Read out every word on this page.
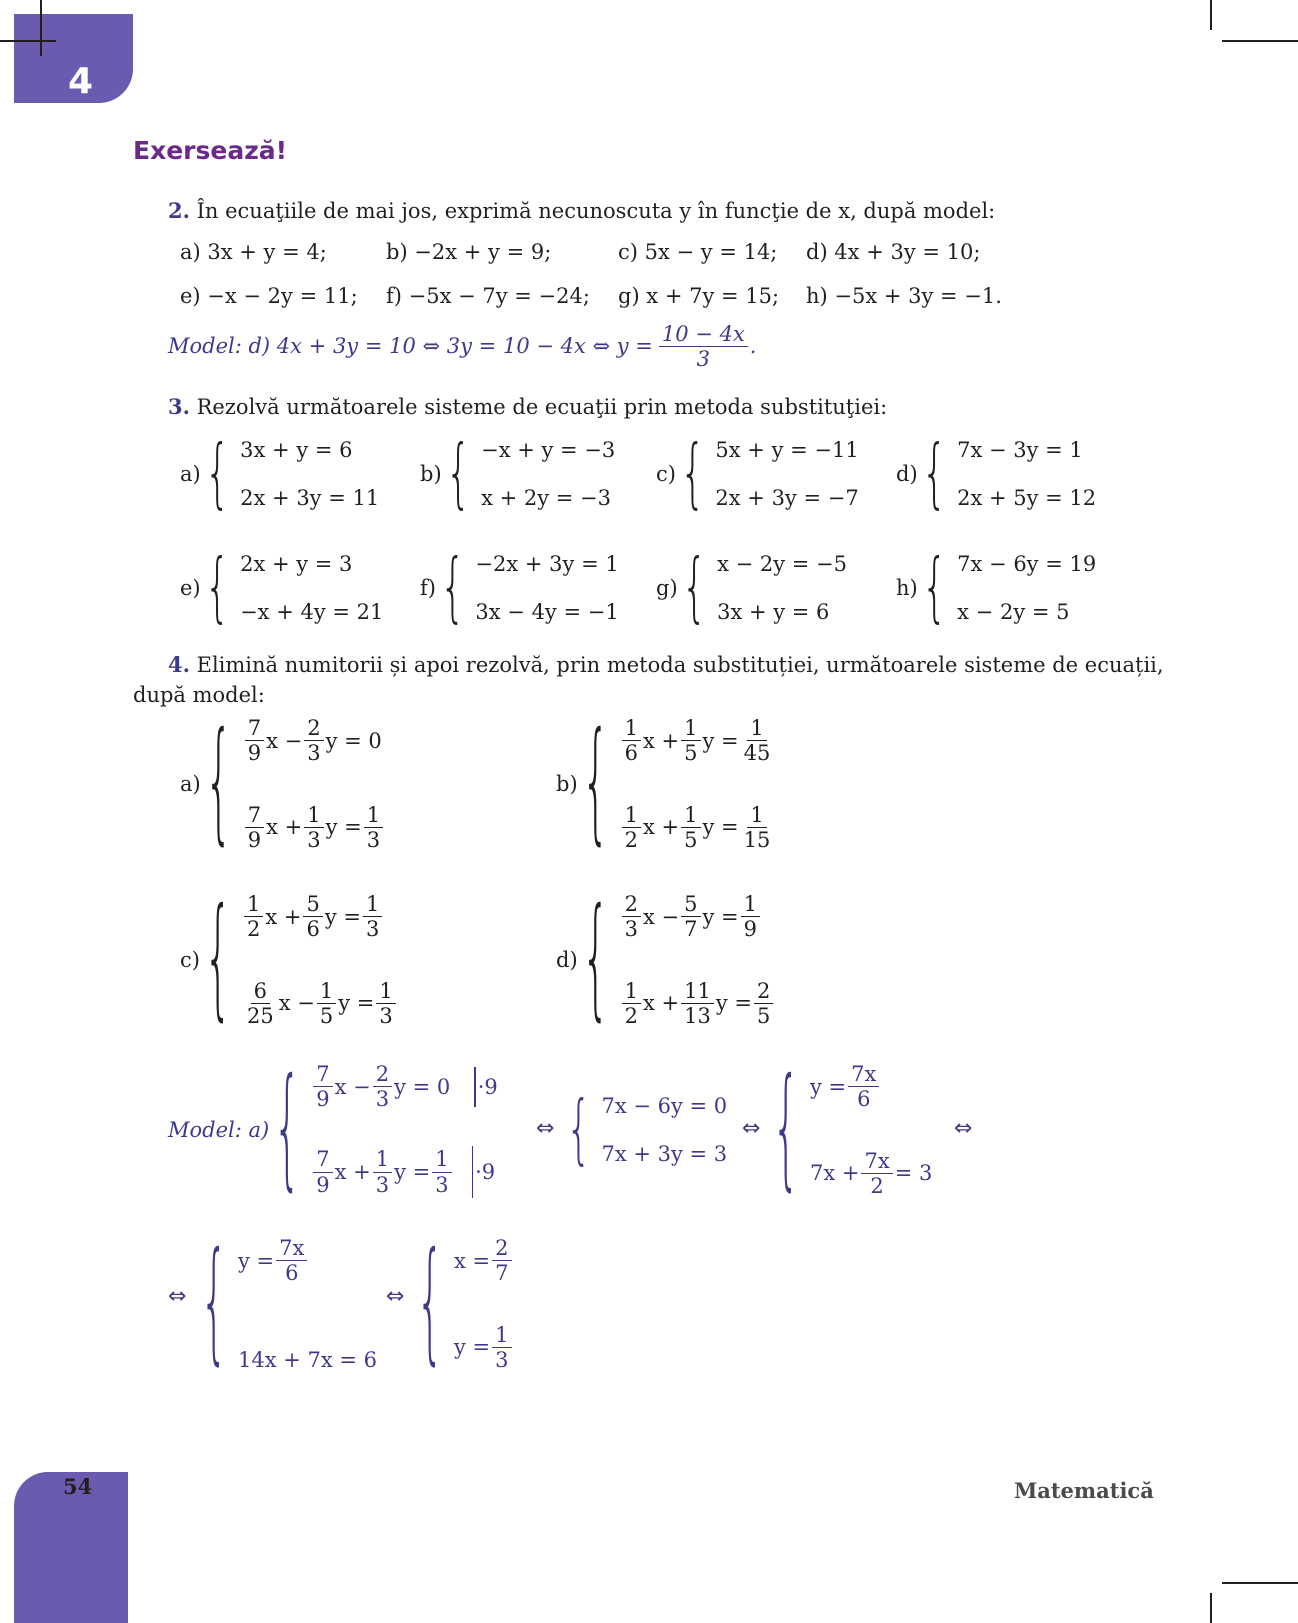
4
Exersează!
2. În ecuaţiile de mai jos, exprimă necunoscuta y în funcţie de x, după model:
a) 3x + y = 4;	b) −2x + y = 9;	c) 5x − y = 14; d) 4x + 3y = 10;
e) −x − 2y = 11; f) −5x − 7y = −24; g) x + 7y = 15; h) −5x + 3y = −1.
Model: d) 4x + 3y = 10 ⇔ 3y = 10 − 4x ⇔ $y = \frac{10 - 4x}{3}$ .
3. Rezolvă următoarele sisteme de ecuaţii prin metoda substituţiei:
a) { 3x + y = 6
2x + 3y = 11
b) { −x + y = −3
x + 2y = −3
c) { 5x + y = −11
2x + 3y = −7
d) { 7x − 3y = 1
2x + 5y = 12
e) { 2x + y = 3
−x + 4y = 21
f) { −2x + 3y = 1
3x − 4y = −1
g) { x − 2y = −5
3x + y = 6
h) { 7x − 6y = 19
x − 2y = 5
4. Elimină numitorii și apoi rezolvă, prin metoda substituției, următoarele sisteme de ecuații,
după model:
a) { $\frac{7}{9}$ $x - \frac{2}{3}$ y = 0
$\frac{7}{9}$ $x + \frac{1}{3}$ $y = \frac{1}{3}$
b) { $\frac{1}{6}$ $x + \frac{1}{5}$ $y = \frac{1}{45}$
$\frac{1}{2}$ $x + \frac{1}{5}$ $y = \frac{1}{15}$
c) { $\frac{1}{2}$ $x + \frac{5}{6}$ $y = \frac{1}{3}$
$\frac{6}{25}$ $x - \frac{1}{5}$ $y = \frac{1}{3}$
d) { $\frac{2}{3}$ $x - \frac{5}{7}$ $y = \frac{1}{9}$
$\frac{1}{2}$ $x + \frac{11}{13}$ $y = \frac{2}{5}$
Model: a) { $\frac{7}{9}$ $x - \frac{2}{3}$ y = 0 ·9
$\frac{7}{9}$ $x + \frac{1}{3}$ $y = \frac{1}{3} \cdot 9$
⇔ { 7x − 6y = 0
7x + 3y = 3
⇔ { $y = \frac{7x}{6}$
$7x + \frac{7x}{2} = 3$
⇔
⇔ { $y = \frac{7x}{6}$
14x + 7x = 6
⇔ { $x = \frac{2}{7}$
$y = \frac{1}{3}$
54	Matematică
